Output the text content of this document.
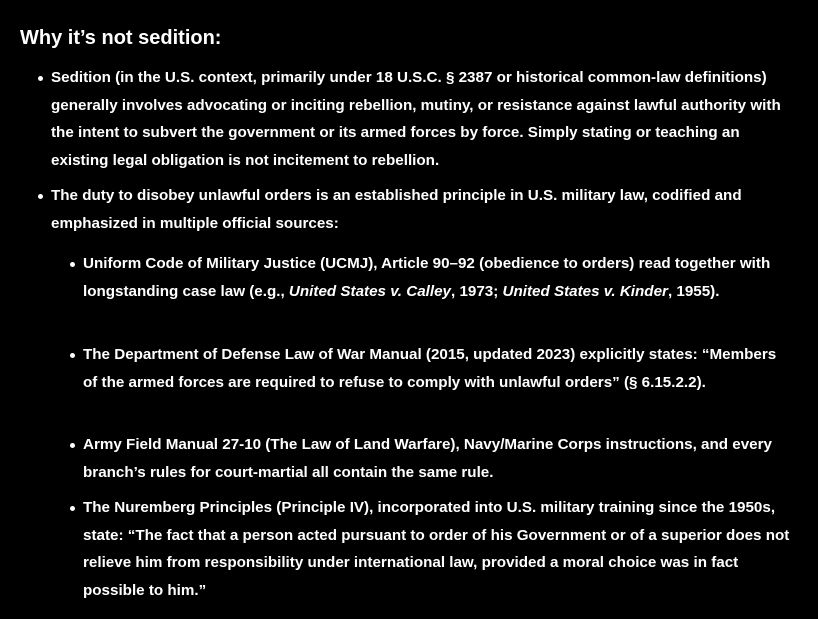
Why it’s not sedition:

Sedition (in the U.S. context, primarily under 18 U.S.C. § 2387 or historical common-law definitions) generally involves advocating or inciting rebellion, mutiny, or resistance against lawful authority with the intent to subvert the government or its armed forces by force. Simply stating or teaching an existing legal obligation is not incitement to rebellion.

The duty to disobey unlawful orders is an established principle in U.S. military law, codified and emphasized in multiple official sources:

Uniform Code of Military Justice (UCMJ), Article 90–92 (obedience to orders) read together with longstanding case law (e.g., United States v. Calley, 1973; United States v. Kinder, 1955).

The Department of Defense Law of War Manual (2015, updated 2023) explicitly states: “Members of the armed forces are required to refuse to comply with unlawful orders” (§ 6.15.2.2).

Army Field Manual 27-10 (The Law of Land Warfare), Navy/Marine Corps instructions, and every branch’s rules for court-martial all contain the same rule.

The Nuremberg Principles (Principle IV), incorporated into U.S. military training since the 1950s, state: “The fact that a person acted pursuant to order of his Government or of a superior does not relieve him from responsibility under international law, provided a moral choice was in fact possible to him.”
